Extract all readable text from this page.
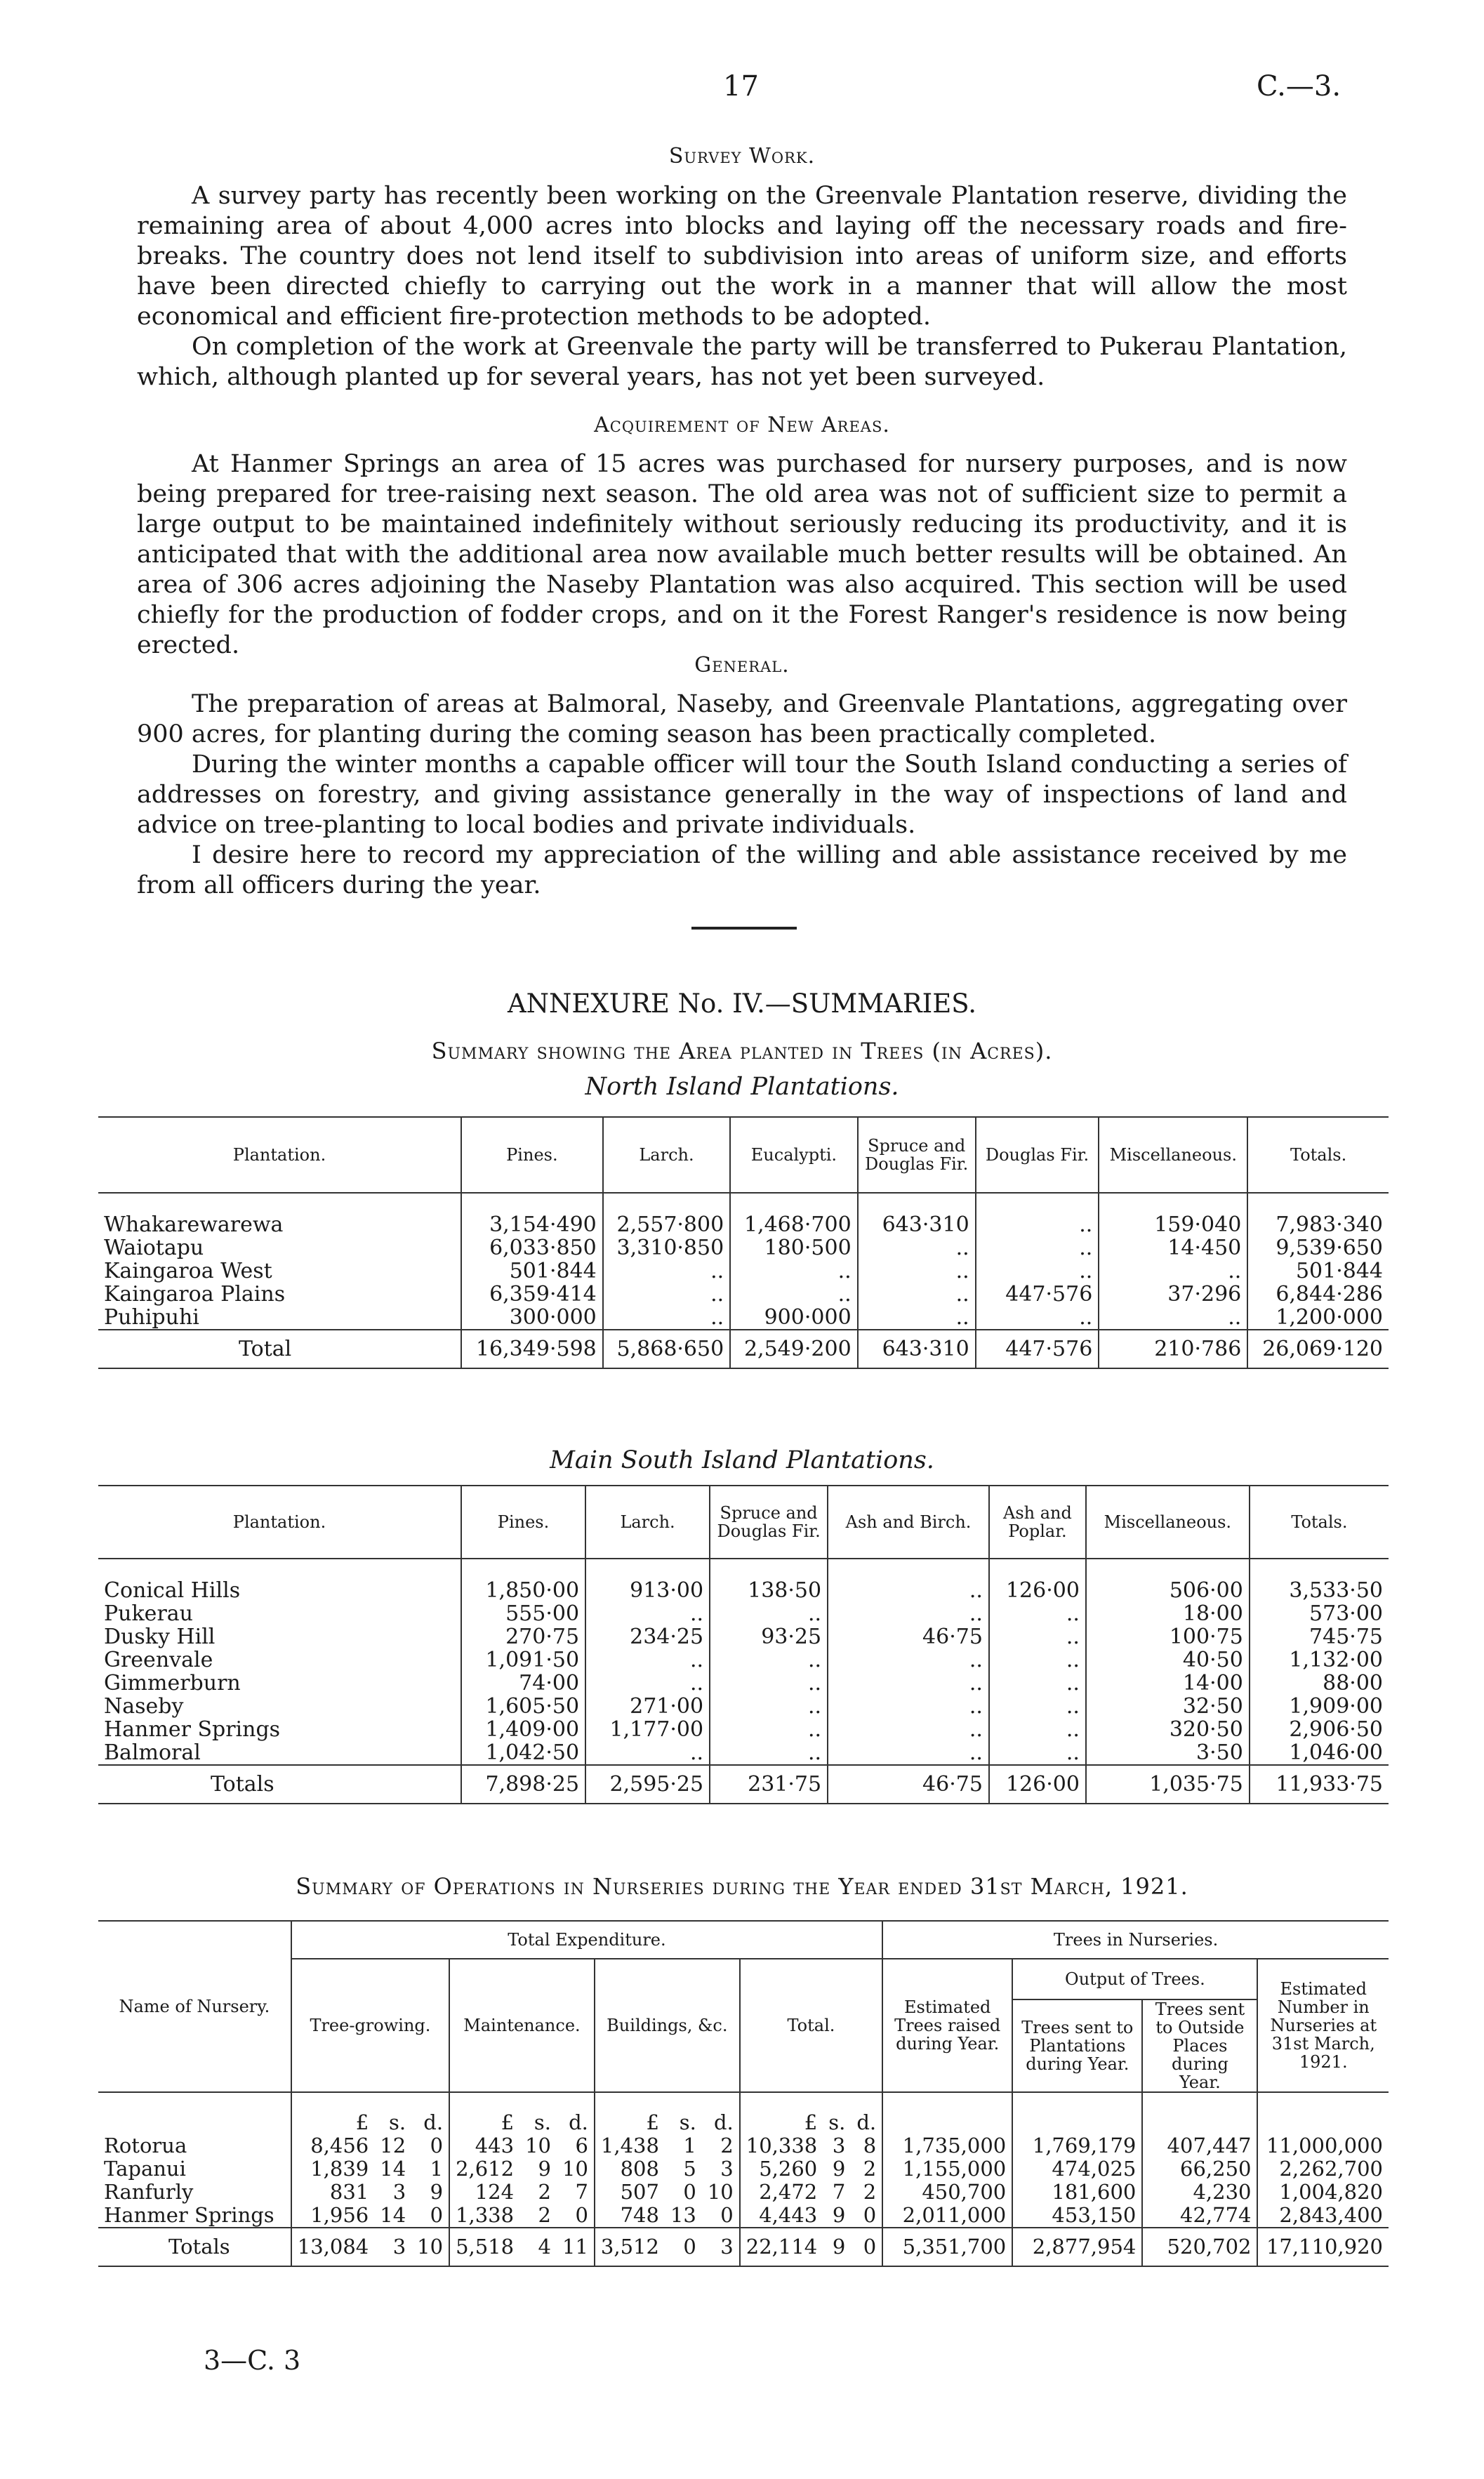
17	C.—3.
Survey Work.

A survey party has recently been working on the Greenvale Plantation reserve, dividing the remaining area of about 4,000 acres into blocks and laying off the necessary roads and fire-breaks. The country does not lend itself to subdivision into areas of uniform size, and efforts have been directed chiefly to carrying out the work in a manner that will allow the most economical and efficient fire-protection methods to be adopted.

On completion of the work at Greenvale the party will be transferred to Pukerau Plantation, which, although planted up for several years, has not yet been surveyed.

Acquirement of New Areas.

At Hanmer Springs an area of 15 acres was purchased for nursery purposes, and is now being prepared for tree-raising next season. The old area was not of sufficient size to permit a large output to be maintained indefinitely without seriously reducing its productivity, and it is anticipated that with the additional area now available much better results will be obtained. An area of 306 acres adjoining the Naseby Plantation was also acquired. This section will be used chiefly for the production of fodder crops, and on it the Forest Ranger's residence is now being erected.

General.

The preparation of areas at Balmoral, Naseby, and Greenvale Plantations, aggregating over 900 acres, for planting during the coming season has been practically completed.

During the winter months a capable officer will tour the South Island conducting a series of addresses on forestry, and giving assistance generally in the way of inspections of land and advice on tree-planting to local bodies and private individuals.

I desire here to record my appreciation of the willing and able assistance received by me from all officers during the year.

ANNEXURE No. IV.—SUMMARIES.
Summary showing the Area planted in Trees (in Acres).
North Island Plantations.
Plantation.	Pines.	Larch.	Eucalypti.	Spruce and Douglas Fir.	Douglas Fir.	Miscellaneous.	Totals.

Whakarewarewa	3,154·490	2,557·800	1,468·700	643·310	..	159·040	7,983·340
Waiotapu	6,033·850	3,310·850	180·500	..	..	14·450	9,539·650
Kaingaroa West	501·844	..	..	..	..	..	501·844
Kaingaroa Plains	6,359·414	..	..	..	447·576	37·296	6,844·286
Puhipuhi	300·000	..	900·000	..	..	..	1,200·000
Total	16,349·598	5,868·650	2,549·200	643·310	447·576	210·786	26,069·120
Main South Island Plantations.
Plantation.	Pines.	Larch.	Spruce and Douglas Fir.	Ash and Birch.	Ash and Poplar.	Miscellaneous.	Totals.

Conical Hills	1,850·00	913·00	138·50	..	126·00	506·00	3,533·50
Pukerau	555·00	..	..	..	..	18·00	573·00
Dusky Hill	270·75	234·25	93·25	46·75	..	100·75	745·75
Greenvale	1,091·50	..	..	..	..	40·50	1,132·00
Gimmerburn	74·00	..	..	..	..	14·00	88·00
Naseby	1,605·50	271·00	..	..	..	32·50	1,909·00
Hanmer Springs	1,409·00	1,177·00	..	..	..	320·50	2,906·50
Balmoral	1,042·50	..	..	..	..	3·50	1,046·00
Totals	7,898·25	2,595·25	231·75	46·75	126·00	1,035·75	11,933·75
Summary of Operations in Nurseries during the Year ended 31st March, 1921.
Name of Nursery.	Total Expenditure.												Trees in Nurseries.			
	Tree-growing.			Maintenance.			Buildings, &c.			Total.			Estimated Trees raised during Year.	Output of Trees.		Estimated Number in Nurseries at 31st March, 1921.
														Trees sent to Plantations during Year.	Trees sent to Outside Places during Year.	
	£	s.	d.	£	s.	d.	£	s.	d.	£	s.	d.				
Rotorua	8,456	12	0	443	10	6	1,438	1	2	10,338	3	8	1,735,000	1,769,179	407,447	11,000,000
Tapanui	1,839	14	1	2,612	9	10	808	5	3	5,260	9	2	1,155,000	474,025	66,250	2,262,700
Ranfurly	831	3	9	124	2	7	507	0	10	2,472	7	2	450,700	181,600	4,230	1,004,820
Hanmer Springs	1,956	14	0	1,338	2	0	748	13	0	4,443	9	0	2,011,000	453,150	42,774	2,843,400
Totals	13,084	3	10	5,518	4	11	3,512	0	3	22,114	9	0	5,351,700	2,877,954	520,702	17,110,920
3—C. 3
